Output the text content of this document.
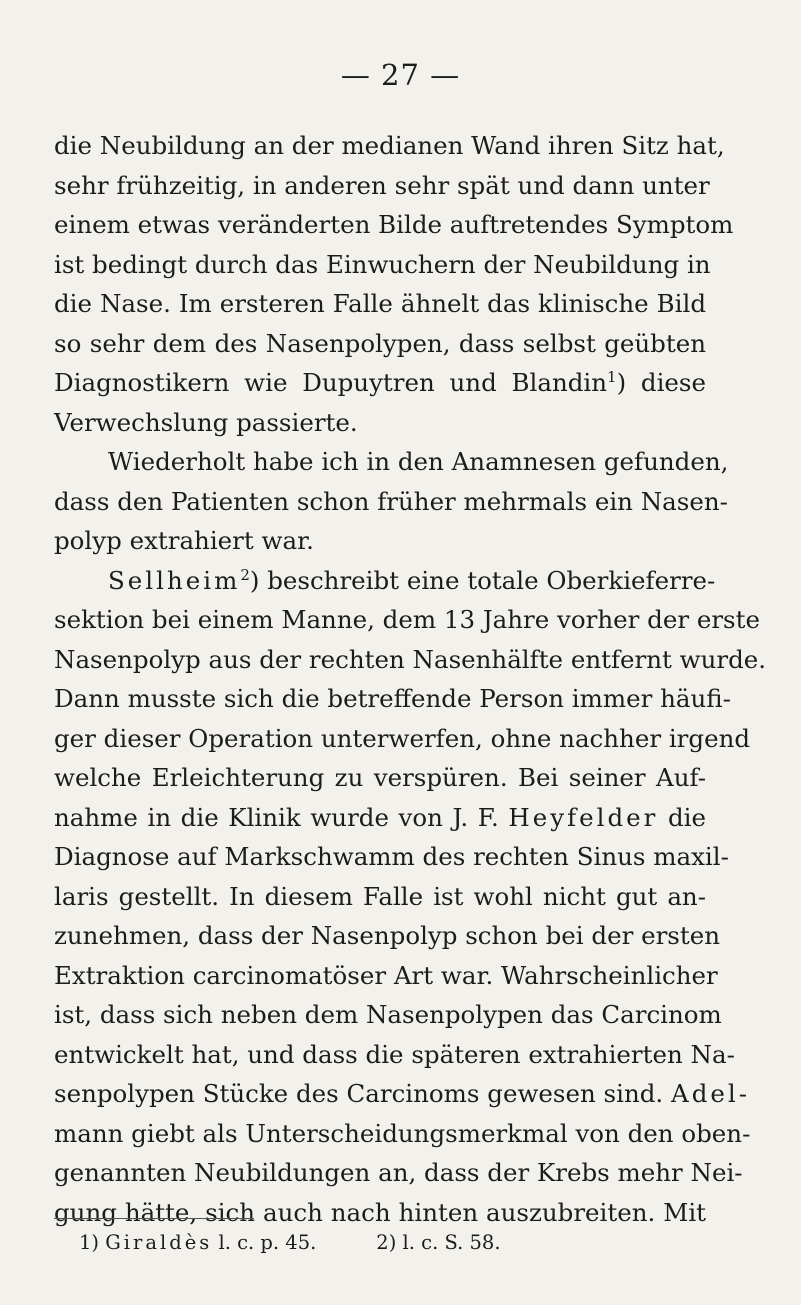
— 27 —
die Neubildung an der medianen Wand ihren Sitz hat,
sehr frühzeitig, in anderen sehr spät und dann unter
einem etwas veränderten Bilde auftretendes Symptom
ist bedingt durch das Einwuchern der Neubildung in
die Nase. Im ersteren Falle ähnelt das klinische Bild
so sehr dem des Nasenpolypen, dass selbst geübten
Diagnostikern wie Dupuytren und Blandin$^1$) diese
Verwechslung passierte.
Wiederholt habe ich in den Anamnesen gefunden,
dass den Patienten schon früher mehrmals ein Nasen-
polyp extrahiert war.
Sellheim$^2$) beschreibt eine totale Oberkieferre-
sektion bei einem Manne, dem 13 Jahre vorher der erste
Nasenpolyp aus der rechten Nasenhälfte entfernt wurde.
Dann musste sich die betreffende Person immer häufi-
ger dieser Operation unterwerfen, ohne nachher irgend
welche Erleichterung zu verspüren. Bei seiner Auf-
nahme in die Klinik wurde von J. F. Heyfelder die
Diagnose auf Markschwamm des rechten Sinus maxil-
laris gestellt. In diesem Falle ist wohl nicht gut an-
zunehmen, dass der Nasenpolyp schon bei der ersten
Extraktion carcinomatöser Art war. Wahrscheinlicher
ist, dass sich neben dem Nasenpolypen das Carcinom
entwickelt hat, und dass die späteren extrahierten Na-
senpolypen Stücke des Carcinoms gewesen sind. Adel-
mann giebt als Unterscheidungsmerkmal von den oben-
genannten Neubildungen an, dass der Krebs mehr Nei-
gung hätte, sich auch nach hinten auszubreiten. Mit
1) Giraldès l. c. p. 45.	2) l. c. S. 58.
